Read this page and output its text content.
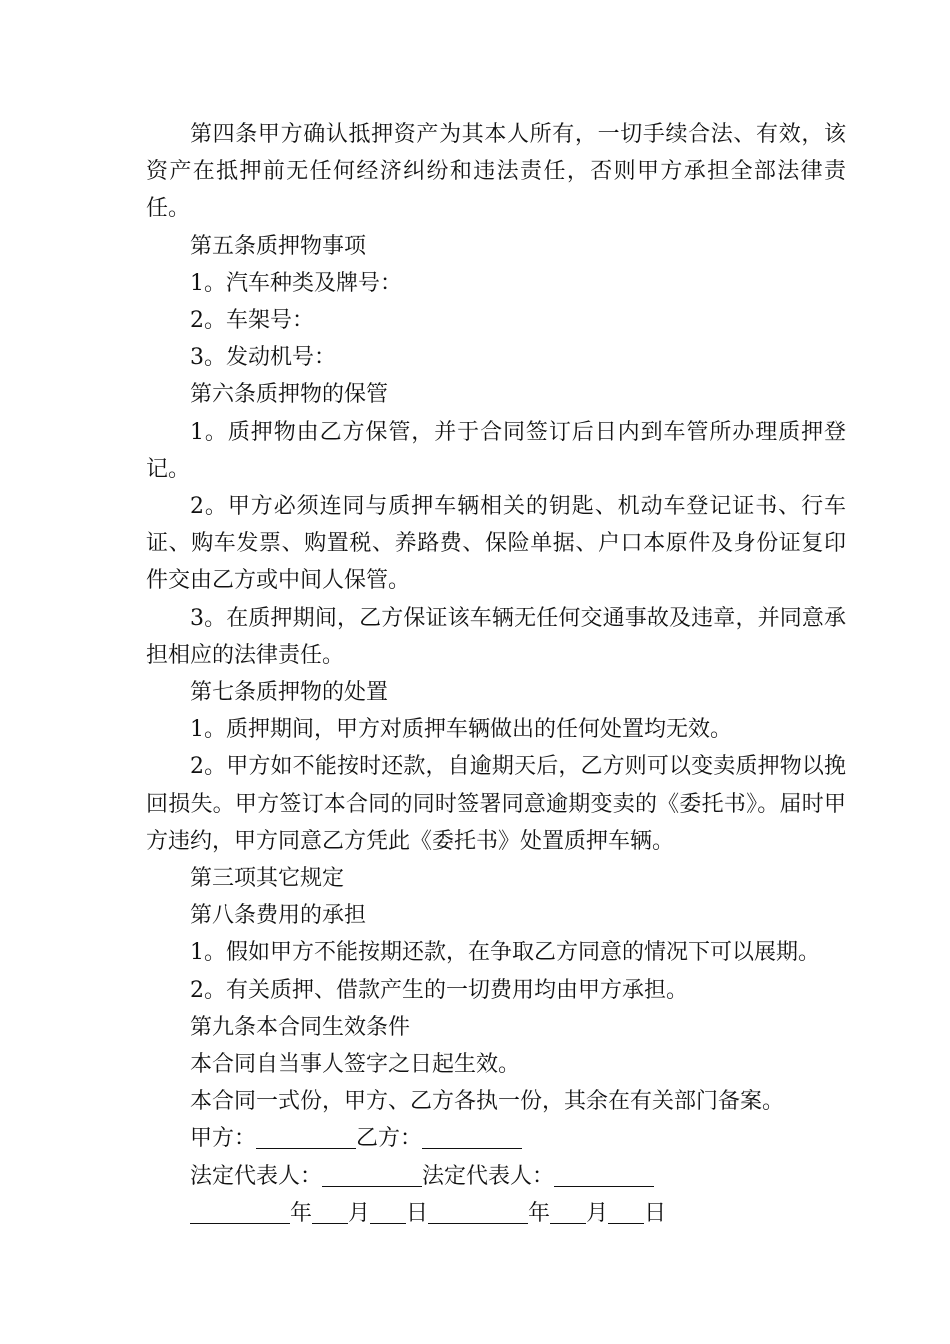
第四条甲方确认抵押资产为其本人所有，一切手续合法、有效，该资产在抵押前无任何经济纠纷和违法责任，否则甲方承担全部法律责任。

第五条质押物事项

1。汽车种类及牌号：

2。车架号：

3。发动机号：

第六条质押物的保管

1。质押物由乙方保管，并于合同签订后日内到车管所办理质押登记。

2。甲方必须连同与质押车辆相关的钥匙、机动车登记证书、行车证、购车发票、购置税、养路费、保险单据、户口本原件及身份证复印件交由乙方或中间人保管。

3。在质押期间，乙方保证该车辆无任何交通事故及违章，并同意承担相应的法律责任。

第七条质押物的处置

1。质押期间，甲方对质押车辆做出的任何处置均无效。

2。甲方如不能按时还款，自逾期天后，乙方则可以变卖质押物以挽回损失。甲方签订本合同的同时签署同意逾期变卖的《委托书》。届时甲方违约，甲方同意乙方凭此《委托书》处置质押车辆。

第三项其它规定

第八条费用的承担

1。假如甲方不能按期还款，在争取乙方同意的情况下可以展期。

2。有关质押、借款产生的一切费用均由甲方承担。

第九条本合同生效条件

本合同自当事人签字之日起生效。

本合同一式份，甲方、乙方各执一份，其余在有关部门备案。

甲方：	乙方：

法定代表人：	法定代表人：

年 月 日	年 月 日
